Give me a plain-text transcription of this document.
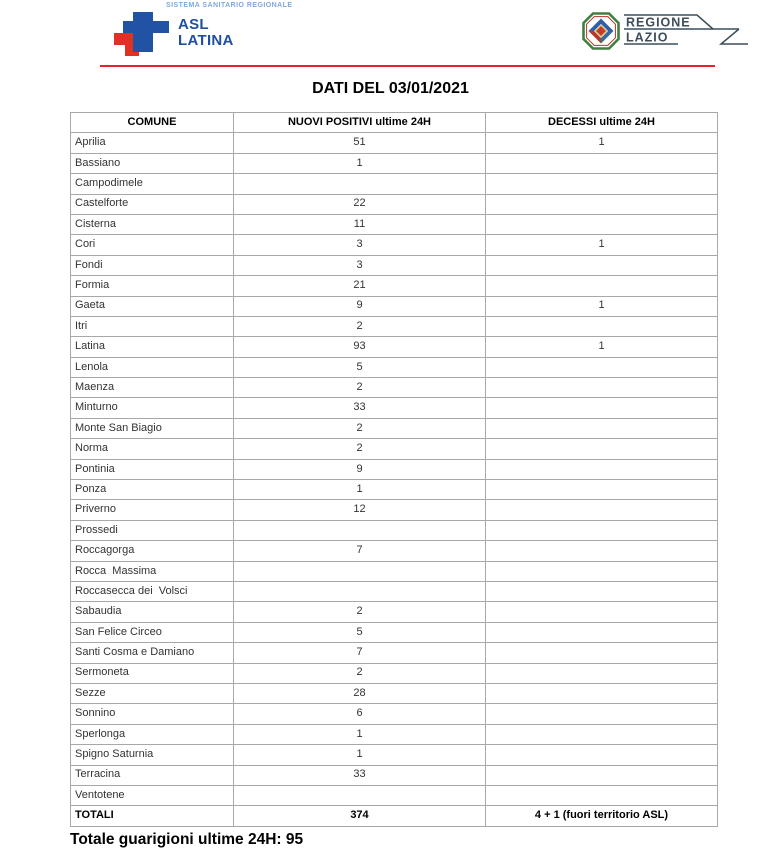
SISTEMA SANITARIO REGIONALE
ASL
LATINA
REGIONE
LAZIO
DATI DEL 03/01/2021
COMUNE	NUOVI POSITIVI ultime 24H	DECESSI ultime 24H
Aprilia	51	1
Bassiano	1	
Campodimele		
Castelforte	22	
Cisterna	11	
Cori	3	1
Fondi	3	
Formia	21	
Gaeta	9	1
Itri	2	
Latina	93	1
Lenola	5	
Maenza	2	
Minturno	33	
Monte San Biagio	2	
Norma	2	
Pontinia	9	
Ponza	1	
Priverno	12	
Prossedi		
Roccagorga	7	
Rocca  Massima		
Roccasecca dei  Volsci		
Sabaudia	2	
San Felice Circeo	5	
Santi Cosma e Damiano	7	
Sermoneta	2	
Sezze	28	
Sonnino	6	
Sperlonga	1	
Spigno Saturnia	1	
Terracina	33	
Ventotene		
TOTALI	374	4 + 1 (fuori territorio ASL)
Totale guarigioni ultime 24H: 95
